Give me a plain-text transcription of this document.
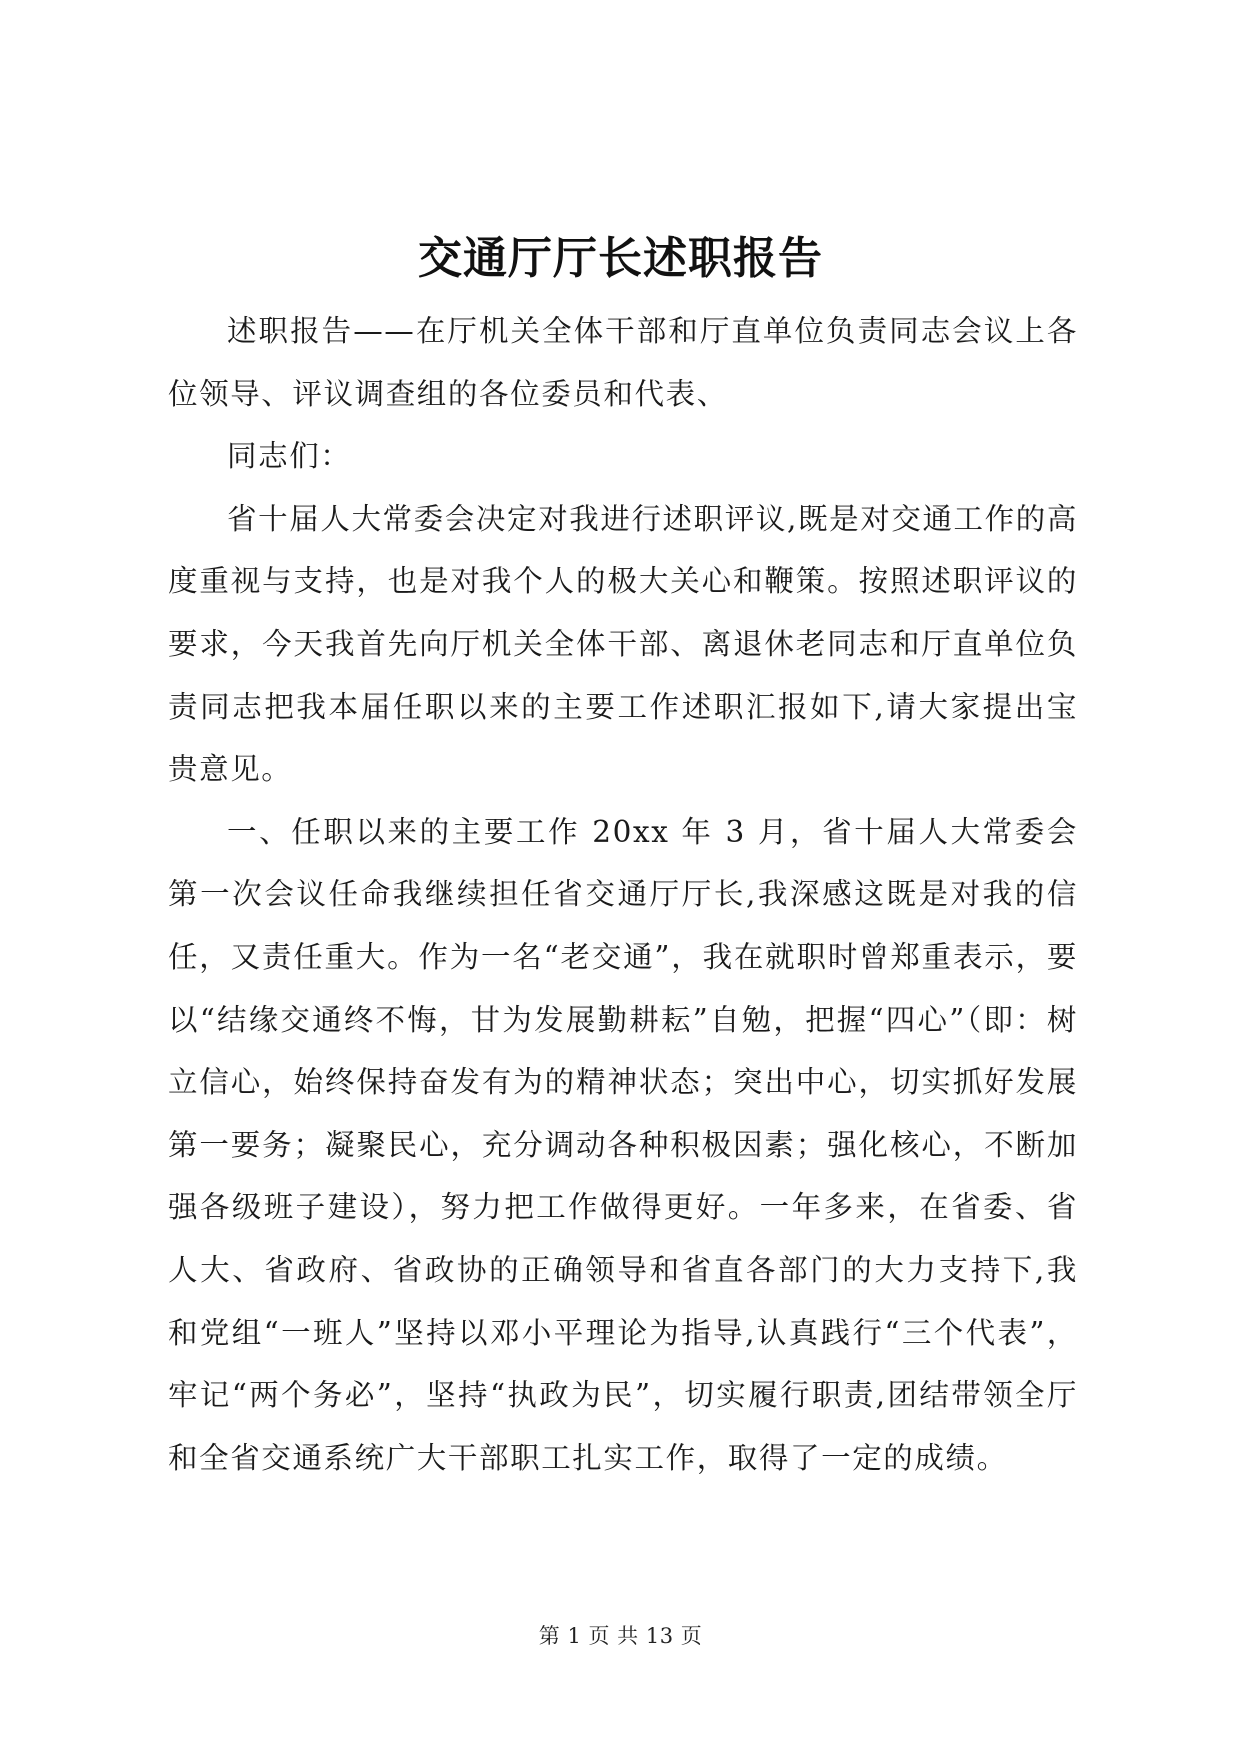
交通厅厅长述职报告

述职报告——在厅机关全体干部和厅直单位负责同志会议上各位领导、评议调查组的各位委员和代表、

同志们：

省十届人大常委会决定对我进行述职评议,既是对交通工作的高度重视与支持，也是对我个人的极大关心和鞭策。按照述职评议的要求，今天我首先向厅机关全体干部、离退休老同志和厅直单位负责同志把我本届任职以来的主要工作述职汇报如下,请大家提出宝贵意见。

一、任职以来的主要工作 20xx 年 3 月，省十届人大常委会第一次会议任命我继续担任省交通厅厅长,我深感这既是对我的信任，又责任重大。作为一名“老交通”，我在就职时曾郑重表示，要以“结缘交通终不悔，甘为发展勤耕耘”自勉，把握“四心”（即：树立信心，始终保持奋发有为的精神状态；突出中心，切实抓好发展第一要务；凝聚民心，充分调动各种积极因素；强化核心，不断加强各级班子建设），努力把工作做得更好。一年多来，在省委、省人大、省政府、省政协的正确领导和省直各部门的大力支持下,我和党组“一班人”坚持以邓小平理论为指导,认真践行“三个代表”，牢记“两个务必”，坚持“执政为民”，切实履行职责,团结带领全厅和全省交通系统广大干部职工扎实工作，取得了一定的成绩。

第 1 页 共 13 页
